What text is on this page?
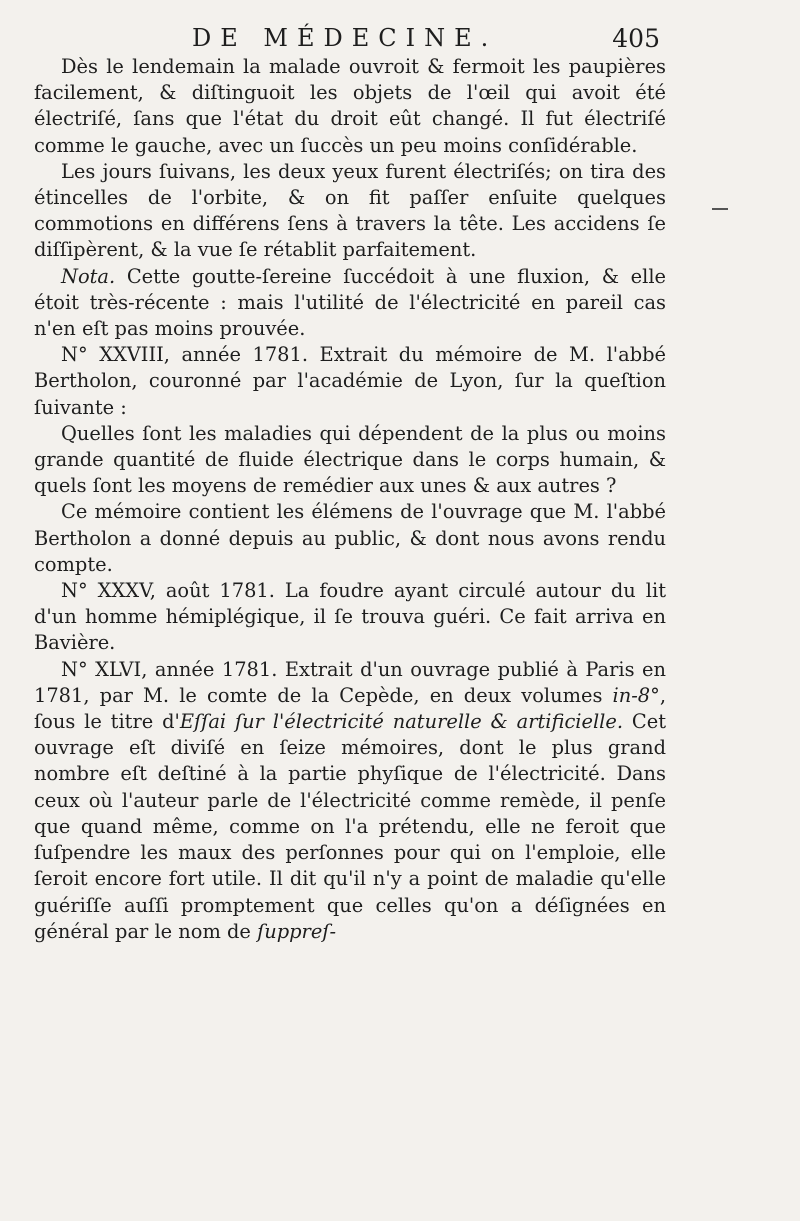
DE MÉDECINE.	405

Dès le lendemain la malade ouvroit & fermoit les paupières facilement, & diſtinguoit les objets de l'œil qui avoit été électriſé, ſans que l'état du droit eût changé. Il fut électriſé comme le gauche, avec un ſuccès un peu moins conſidérable.

Les jours ſuivans, les deux yeux furent électriſés; on tira des étincelles de l'orbite, & on fit paſſer enſuite quelques commotions en différens ſens à travers la tête. Les accidens ſe diſſipèrent, & la vue ſe rétablit parfaitement.

Nota. Cette goutte-ſereine ſuccédoit à une fluxion, & elle étoit très-récente : mais l'utilité de l'électricité en pareil cas n'en eſt pas moins prouvée.

N° XXVIII, année 1781. Extrait du mémoire de M. l'abbé Bertholon, couronné par l'académie de Lyon, ſur la queſtion ſuivante :

Quelles ſont les maladies qui dépendent de la plus ou moins grande quantité de fluide électrique dans le corps humain, & quels ſont les moyens de remédier aux unes & aux autres ?

Ce mémoire contient les élémens de l'ouvrage que M. l'abbé Bertholon a donné depuis au public, & dont nous avons rendu compte.

N° XXXV, août 1781. La foudre ayant circulé autour du lit d'un homme hémiplégique, il ſe trouva guéri. Ce fait arriva en Bavière.

N° XLVI, année 1781. Extrait d'un ouvrage publié à Paris en 1781, par M. le comte de la Cepède, en deux volumes in-8°, ſous le titre d'Eſſai ſur l'électricité naturelle & artificielle. Cet ouvrage eſt diviſé en ſeize mémoires, dont le plus grand nombre eſt deſtiné à la partie phyſique de l'électricité. Dans ceux où l'auteur parle de l'électricité comme remède, il penſe que quand même, comme on l'a prétendu, elle ne feroit que ſuſpendre les maux des perſonnes pour qui on l'emploie, elle ſeroit encore fort utile. Il dit qu'il n'y a point de maladie qu'elle guériſſe auſſi promptement que celles qu'on a déſignées en général par le nom de ſuppreſ-
